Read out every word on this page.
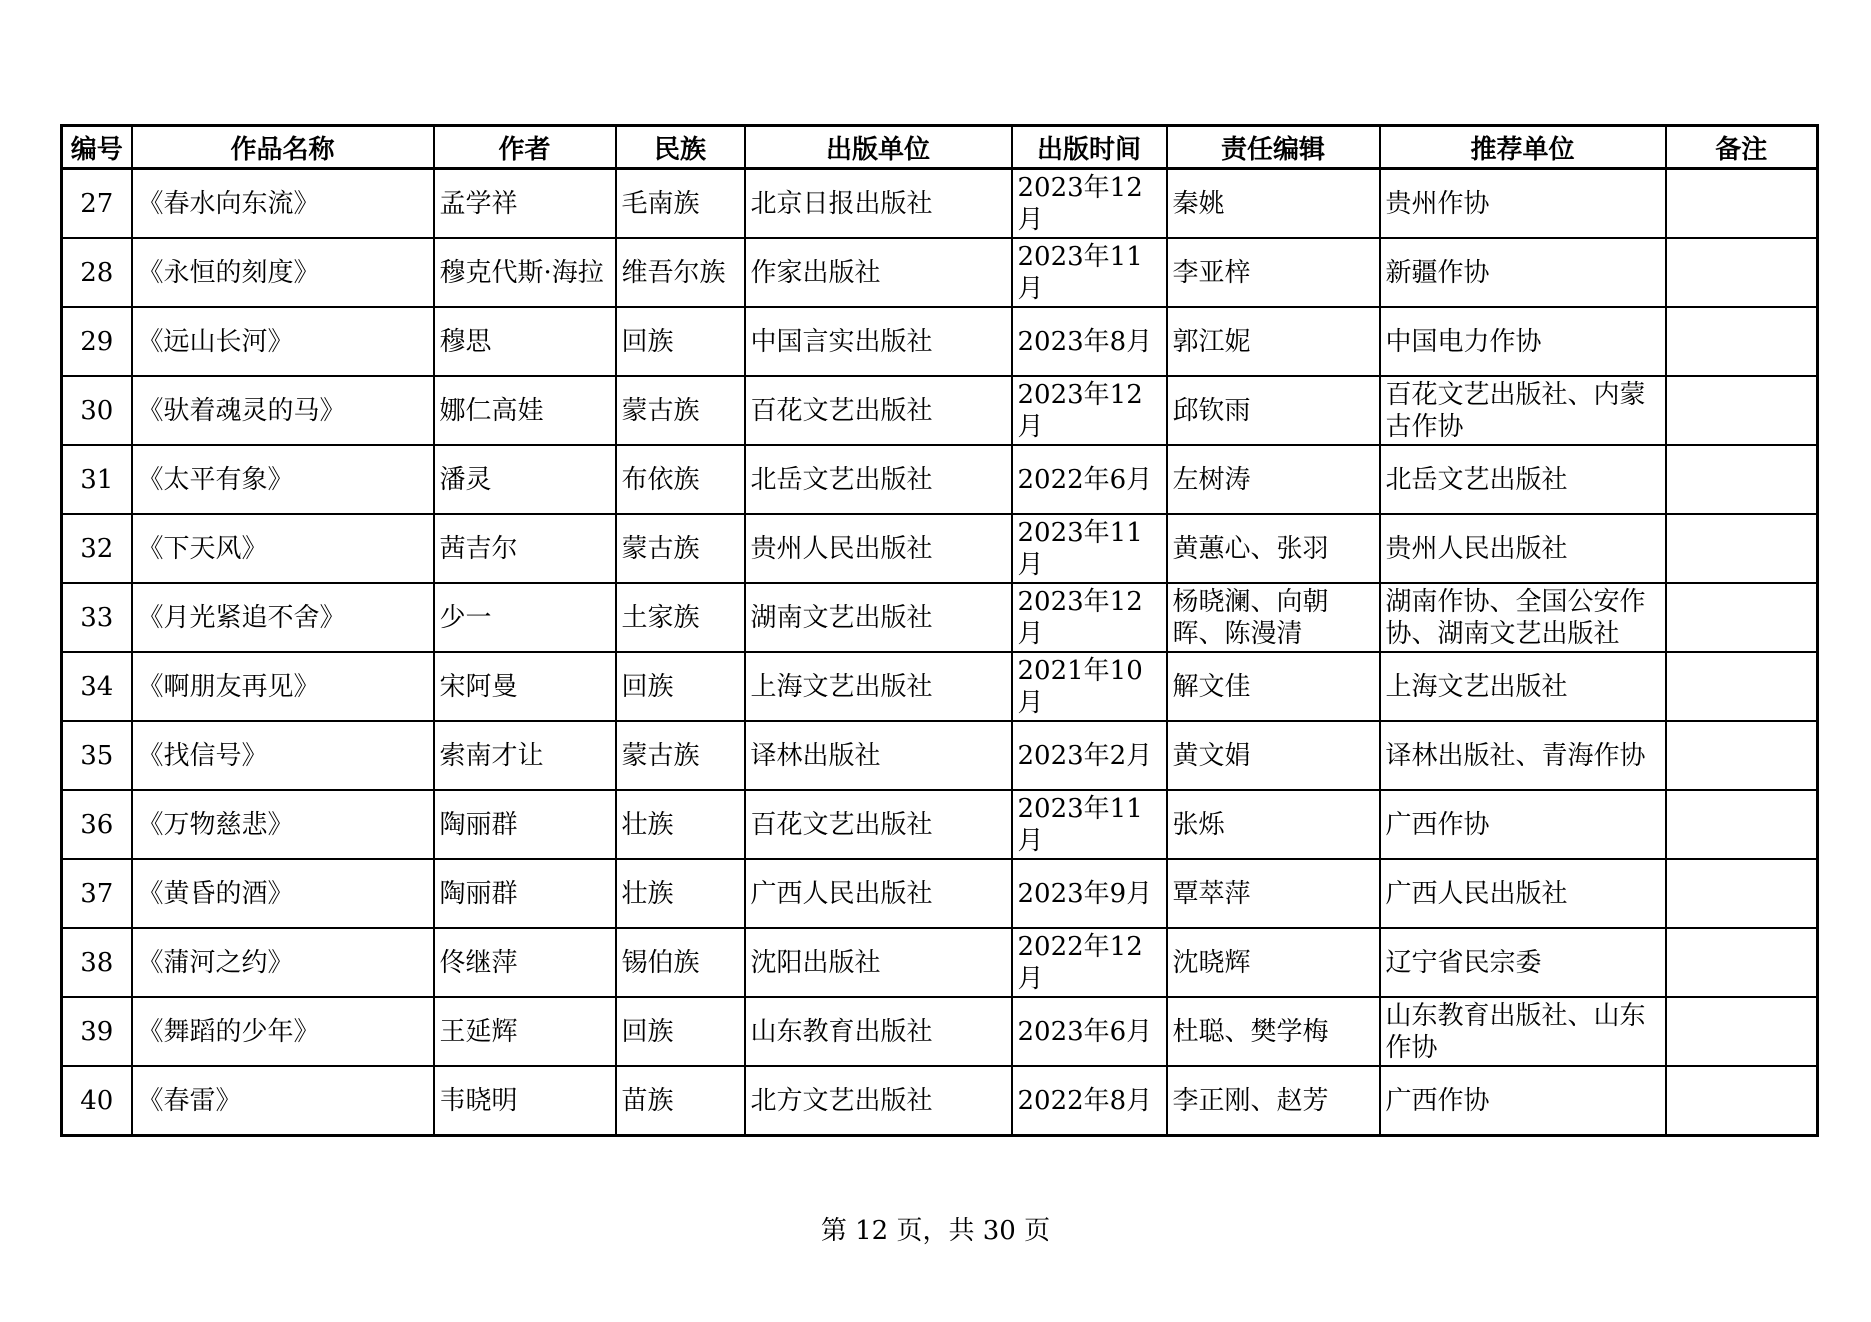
编号	作品名称	作者	民族	出版单位	出版时间	责任编辑	推荐单位	备注
27	《春水向东流》	孟学祥	毛南族	北京日报出版社	2023年12月	秦姚	贵州作协	
28	《永恒的刻度》	穆克代斯·海拉	维吾尔族	作家出版社	2023年11月	李亚梓	新疆作协	
29	《远山长河》	穆思	回族	中国言实出版社	2023年8月	郭江妮	中国电力作协	
30	《驮着魂灵的马》	娜仁高娃	蒙古族	百花文艺出版社	2023年12月	邱钦雨	百花文艺出版社、内蒙古作协	
31	《太平有象》	潘灵	布依族	北岳文艺出版社	2022年6月	左树涛	北岳文艺出版社	
32	《下天风》	茜吉尔	蒙古族	贵州人民出版社	2023年11月	黄蕙心、张羽	贵州人民出版社	
33	《月光紧追不舍》	少一	土家族	湖南文艺出版社	2023年12月	杨晓澜、向朝晖、陈漫清	湖南作协、全国公安作协、湖南文艺出版社	
34	《啊朋友再见》	宋阿曼	回族	上海文艺出版社	2021年10月	解文佳	上海文艺出版社	
35	《找信号》	索南才让	蒙古族	译林出版社	2023年2月	黄文娟	译林出版社、青海作协	
36	《万物慈悲》	陶丽群	壮族	百花文艺出版社	2023年11月	张烁	广西作协	
37	《黄昏的酒》	陶丽群	壮族	广西人民出版社	2023年9月	覃萃萍	广西人民出版社	
38	《蒲河之约》	佟继萍	锡伯族	沈阳出版社	2022年12月	沈晓辉	辽宁省民宗委	
39	《舞蹈的少年》	王延辉	回族	山东教育出版社	2023年6月	杜聪、樊学梅	山东教育出版社、山东作协	
40	《春雷》	韦晓明	苗族	北方文艺出版社	2022年8月	李正刚、赵芳	广西作协	
第 12 页，共 30 页
